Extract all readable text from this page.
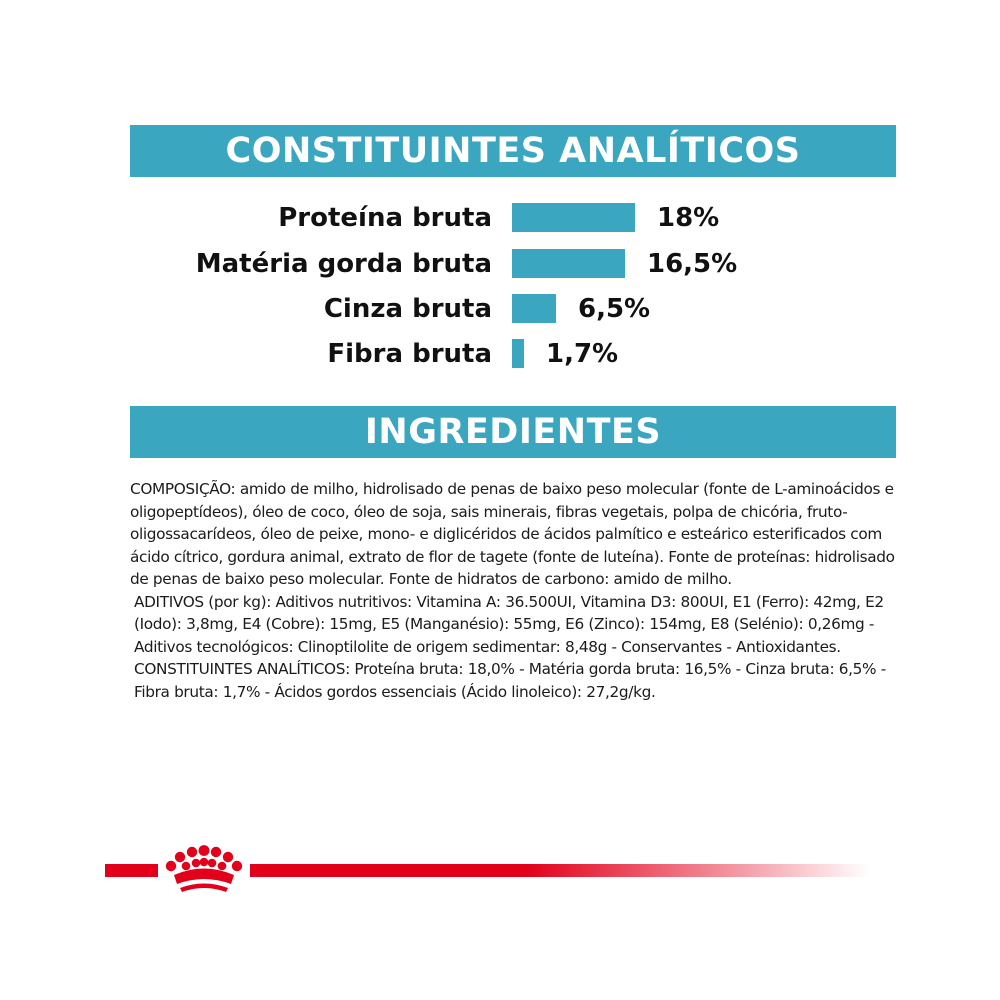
CONSTITUINTES ANALÍTICOS
Proteína bruta	18%
Matéria gorda bruta	16,5%
Cinza bruta	6,5%
Fibra bruta 1,7%
INGREDIENTES

COMPOSIÇÃO: amido de milho, hidrolisado de penas de baixo peso molecular (fonte de L-aminoácidos e oligopeptídeos), óleo de coco, óleo de soja, sais minerais, fibras vegetais, polpa de chicória, fruto-oligossacarídeos, óleo de peixe, mono- e diglicéridos de ácidos palmítico e esteárico esterificados com ácido cítrico, gordura animal, extrato de flor de tagete (fonte de luteína). Fonte de proteínas: hidrolisado de penas de baixo peso molecular. Fonte de hidratos de carbono: amido de milho.

ADITIVOS (por kg): Aditivos nutritivos: Vitamina A: 36.500UI, Vitamina D3: 800UI, E1 (Ferro): 42mg, E2 (Iodo): 3,8mg, E4 (Cobre): 15mg, E5 (Manganésio): 55mg, E6 (Zinco): 154mg, E8 (Selénio): 0,26mg - Aditivos tecnológicos: Clinoptilolite de origem sedimentar: 8,48g - Conservantes - Antioxidantes.

CONSTITUINTES ANALÍTICOS: Proteína bruta: 18,0% - Matéria gorda bruta: 16,5% - Cinza bruta: 6,5% - Fibra bruta: 1,7% - Ácidos gordos essenciais (Ácido linoleico): 27,2g/kg.
